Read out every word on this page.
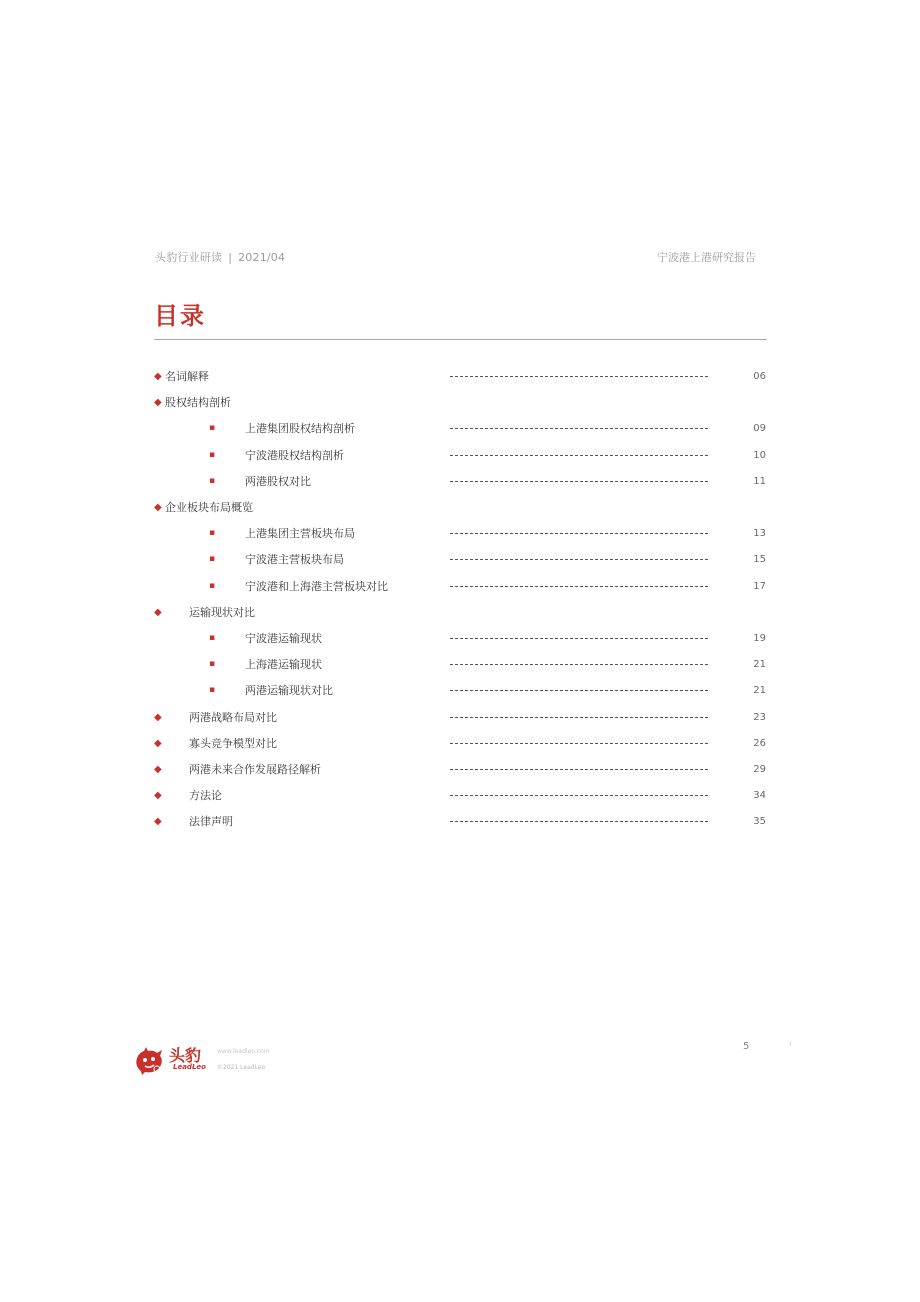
头豹行业研读 | 2021/04	宁波港上港研究报告
目录
◆ 名词解释	06
◆ 股权结构剖析
▪	上港集团股权结构剖析	09
▪	宁波港股权结构剖析	10
▪	两港股权对比	11
◆ 企业板块布局概览
▪	上港集团主营板块布局	13
▪	宁波港主营板块布局	15
▪	宁波港和上海港主营板块对比	17
◆ 运输现状对比
▪	宁波港运输现状	19
▪	上海港运输现状	21
▪	两港运输现状对比	21
◆ 两港战略布局对比	23
◆ 寡头竞争模型对比	26
◆ 两港未来合作发展路径解析	29
◆ 方法论	34
◆ 法律声明	35
头豹
LeadLeo
www.leadleo.com
©2021 LeadLeo
5
